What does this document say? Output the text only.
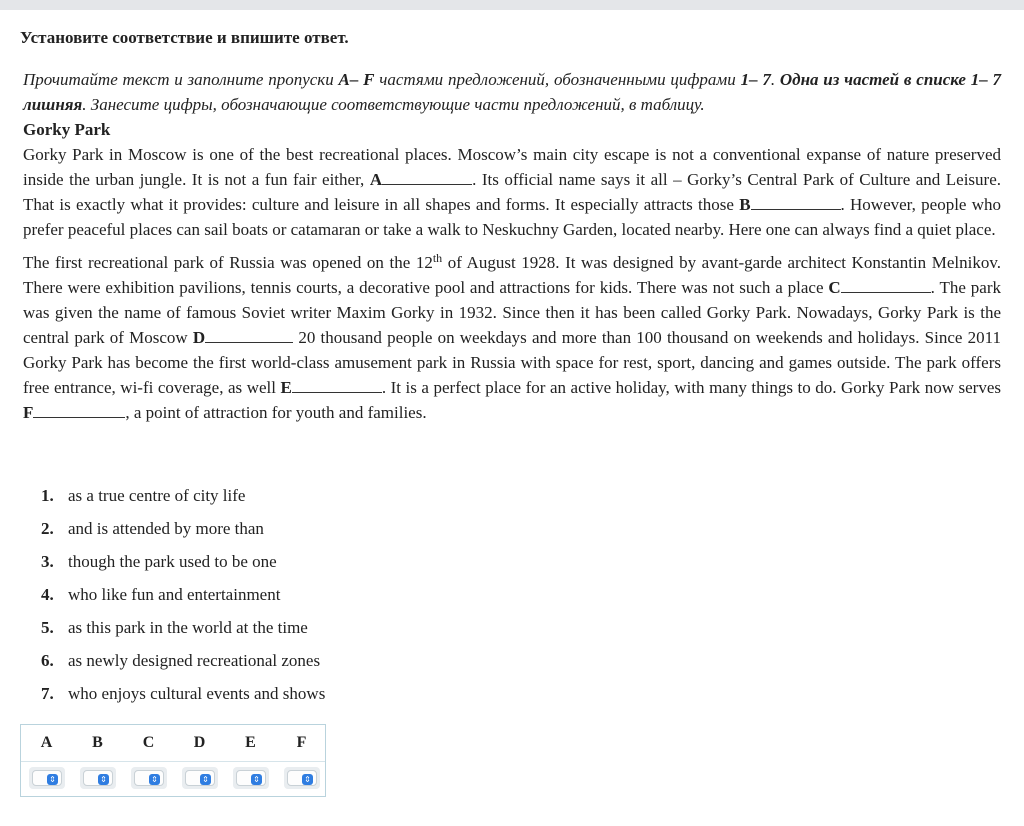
Установите соответствие и впишите ответ.

Прочитайте текст и заполните пропуски A– F частями предложений, обозначенными цифрами 1– 7. Одна из частей в списке 1– 7 лишняя. Занесите цифры, обозначающие соответствующие части предложений, в таблицу.

Gorky Park

Gorky Park in Moscow is one of the best recreational places. Moscow’s main city escape is not a conventional expanse of nature preserved inside the urban jungle. It is not a fun fair either, A	. Its official name says it all – Gorky’s Central Park of Culture and Leisure. That is exactly what it provides: culture and leisure in all shapes and forms. It especially attracts those B	. However, people who prefer peaceful places can sail boats or catamaran or take a walk to Neskuchny Garden, located nearby. Here one can always find a quiet place.

The first recreational park of Russia was opened on the 12th of August 1928. It was designed by avant-garde architect Konstantin Melnikov. There were exhibition pavilions, tennis courts, a decorative pool and attractions for kids. There was not such a place C	. The park was given the name of famous Soviet writer Maxim Gorky in 1932. Since then it has been called Gorky Park. Nowadays, Gorky Park is the central park of Moscow D	20 thousand people on weekdays and more than 100 thousand on weekends and holidays. Since 2011 Gorky Park has become the first world-class amusement park in Russia with space for rest, sport, dancing and games outside. The park offers free entrance, wi-fi coverage, as well E	. It is a perfect place for an active holiday, with many things to do. Gorky Park now serves F	, a point of attraction for youth and families.

1. as a true centre of city life
2. and is attended by more than
3. though the park used to be one
4. who like fun and entertainment
5. as this park in the world at the time
6. as newly designed recreational zones
7. who enjoys cultural events and shows
A	B	C	D	E	F
⇕	⇕	⇕	⇕	⇕	⇕
